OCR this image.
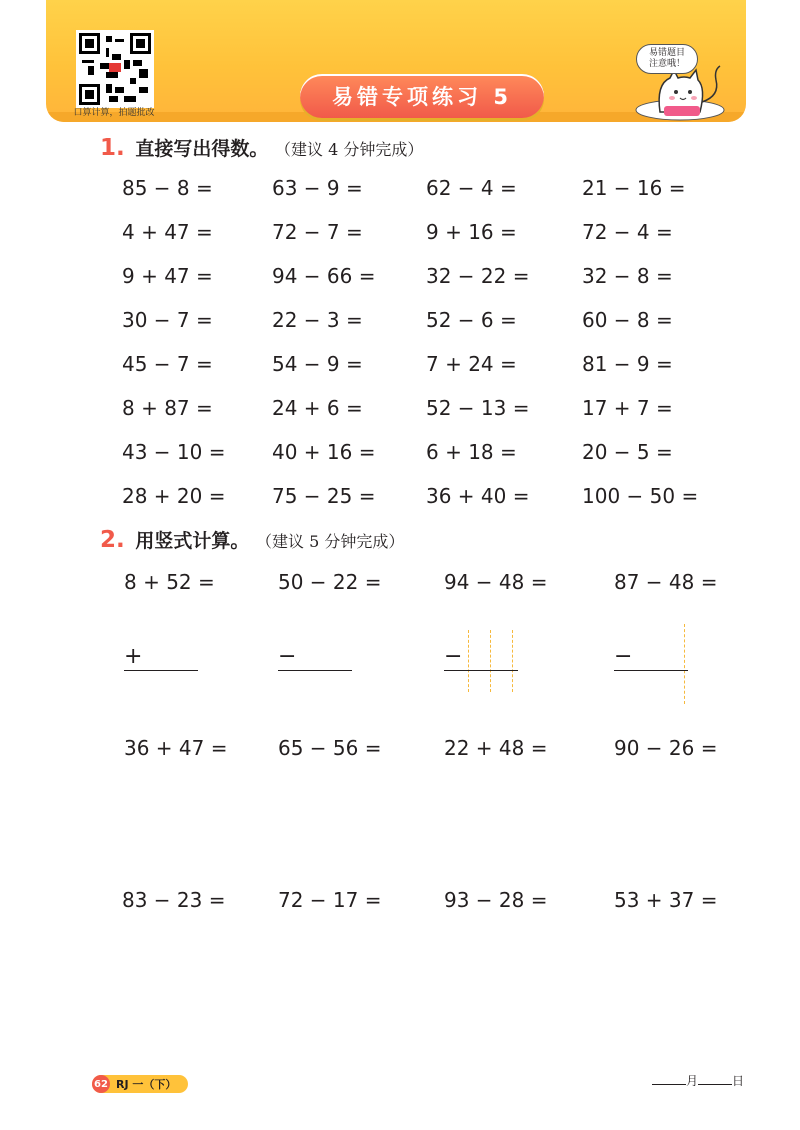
口算计算，拍题批改
易错专项练习 5
易错题目
注意哦！
1. 直接写出得数。 （建议 4 分钟完成）
85 − 8 =	63 − 9 =	62 − 4 =	21 − 16 =
4 + 47 =	72 − 7 =	9 + 16 =	72 − 4 =
9 + 47 =	94 − 66 =	32 − 22 =	32 − 8 =
30 − 7 =	22 − 3 =	52 − 6 =	60 − 8 =
45 − 7 =	54 − 9 =	7 + 24 =	81 − 9 =
8 + 87 =	24 + 6 =	52 − 13 =	17 + 7 =
43 − 10 = 40 + 16 =	6 + 18 =	20 − 5 =
28 + 20 = 75 − 25 =	36 + 40 =	100 − 50 =
2. 用竖式计算。 （建议 5 分钟完成）
8 + 52 =	50 − 22 =	94 − 48 =	87 − 48 =
+	−	−	−
36 + 47 =	65 − 56 =	22 + 48 =	90 − 26 =
83 − 23 =	72 − 17 =	93 − 28 =	53 + 37 =
62 RJ 一（下）	月	日
